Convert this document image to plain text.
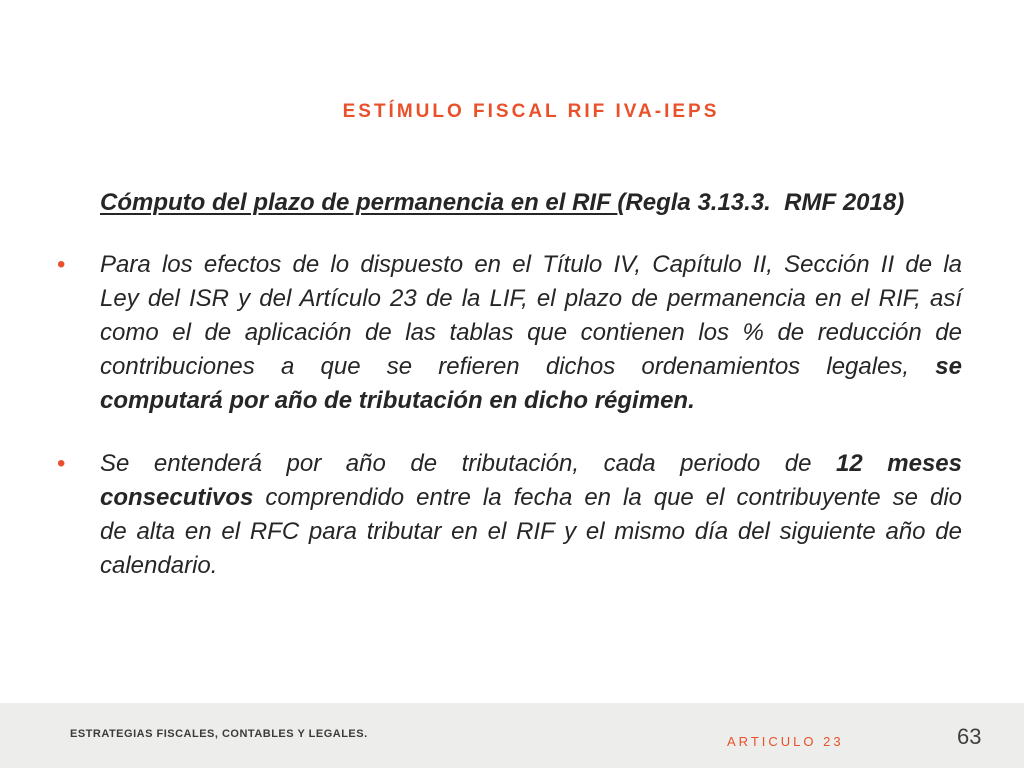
ESTÍMULO FISCAL RIF IVA-IEPS
Cómputo del plazo de permanencia en el RIF (Regla 3.13.3.  RMF 2018)
• Para los efectos de lo dispuesto en el Título IV, Capítulo II, Sección II de la
Ley del ISR y del Artículo 23 de la LIF, el plazo de permanencia en el RIF, así
como el de aplicación de las tablas que contienen los % de reducción de
contribuciones a que se refieren dichos ordenamientos legales, se
computará por año de tributación en dicho régimen.
• Se entenderá por año de tributación, cada periodo de 12 meses
consecutivos comprendido entre la fecha en la que el contribuyente se dio
de alta en el RFC para tributar en el RIF y el mismo día del siguiente año de
calendario.
ESTRATEGIAS FISCALES, CONTABLES Y LEGALES.	ARTICULO 23	63
